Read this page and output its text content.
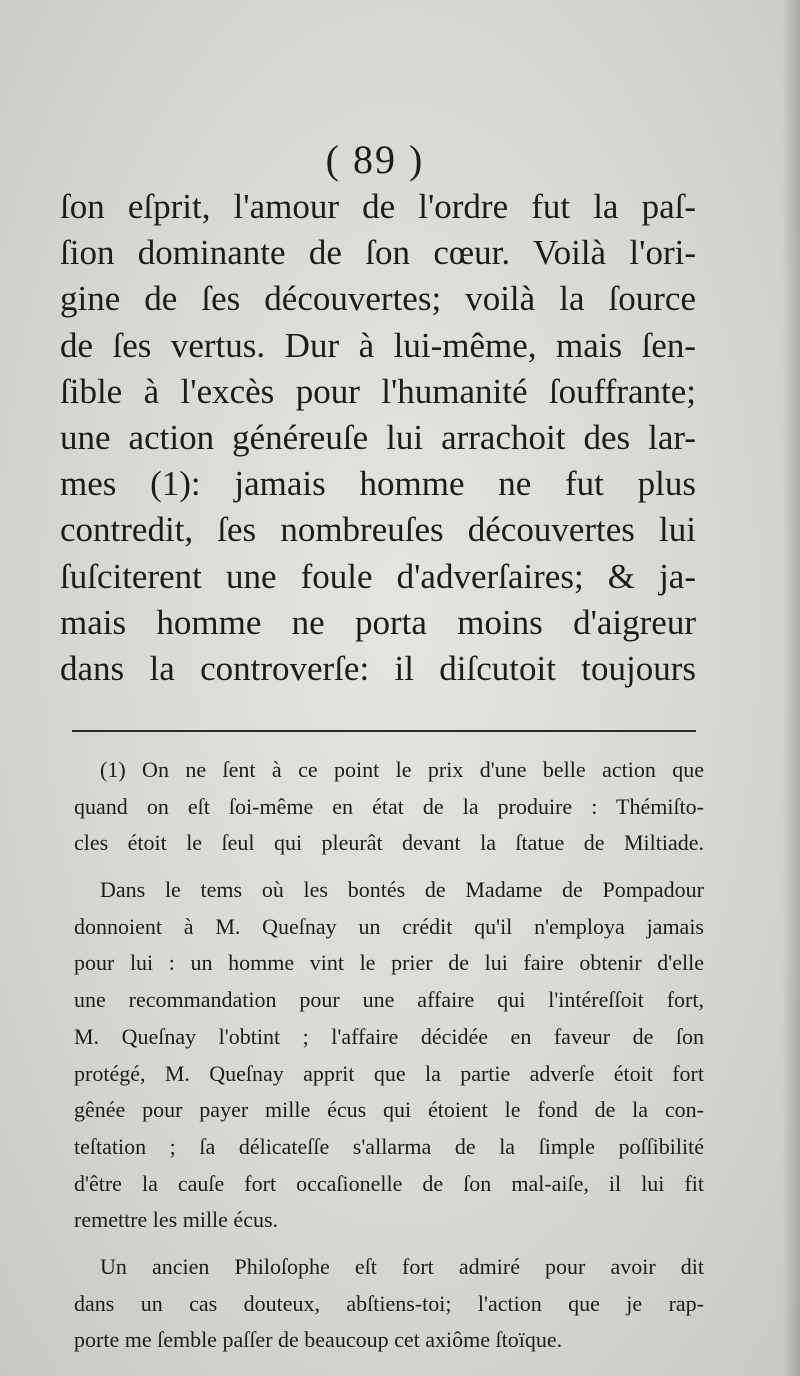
( 89 )
ſon eſprit, l'amour de l'ordre fut la paſ-
ſion dominante de ſon cœur. Voilà l'ori-
gine de ſes découvertes; voilà la ſource
de ſes vertus. Dur à lui-même, mais ſen-
ſible à l'excès pour l'humanité ſouffrante;
une action généreuſe lui arrachoit des lar-
mes (1): jamais homme ne fut plus
contredit, ſes nombreuſes découvertes lui
ſuſciterent une foule d'adverſaires; & ja-
mais homme ne porta moins d'aigreur
dans la controverſe: il diſcutoit toujours
(1) On ne ſent à ce point le prix d'une belle action que
quand on eſt ſoi-même en état de la produire : Thémiſto-
cles étoit le ſeul qui pleurât devant la ſtatue de Miltiade.
Dans le tems où les bontés de Madame de Pompadour
donnoient à M. Queſnay un crédit qu'il n'employa jamais
pour lui : un homme vint le prier de lui faire obtenir d'elle
une recommandation pour une affaire qui l'intéreſſoit fort,
M. Queſnay l'obtint ; l'affaire décidée en faveur de ſon
protégé, M. Queſnay apprit que la partie adverſe étoit fort
gênée pour payer mille écus qui étoient le fond de la con-
teſtation ; ſa délicateſſe s'allarma de la ſimple poſſibilité
d'être la cauſe fort occaſionelle de ſon mal-aiſe, il lui fit
remettre les mille écus.
Un ancien Philoſophe eſt fort admiré pour avoir dit
dans un cas douteux, abſtiens-toi; l'action que je rap-
porte me ſemble paſſer de beaucoup cet axiôme ſtoïque.
